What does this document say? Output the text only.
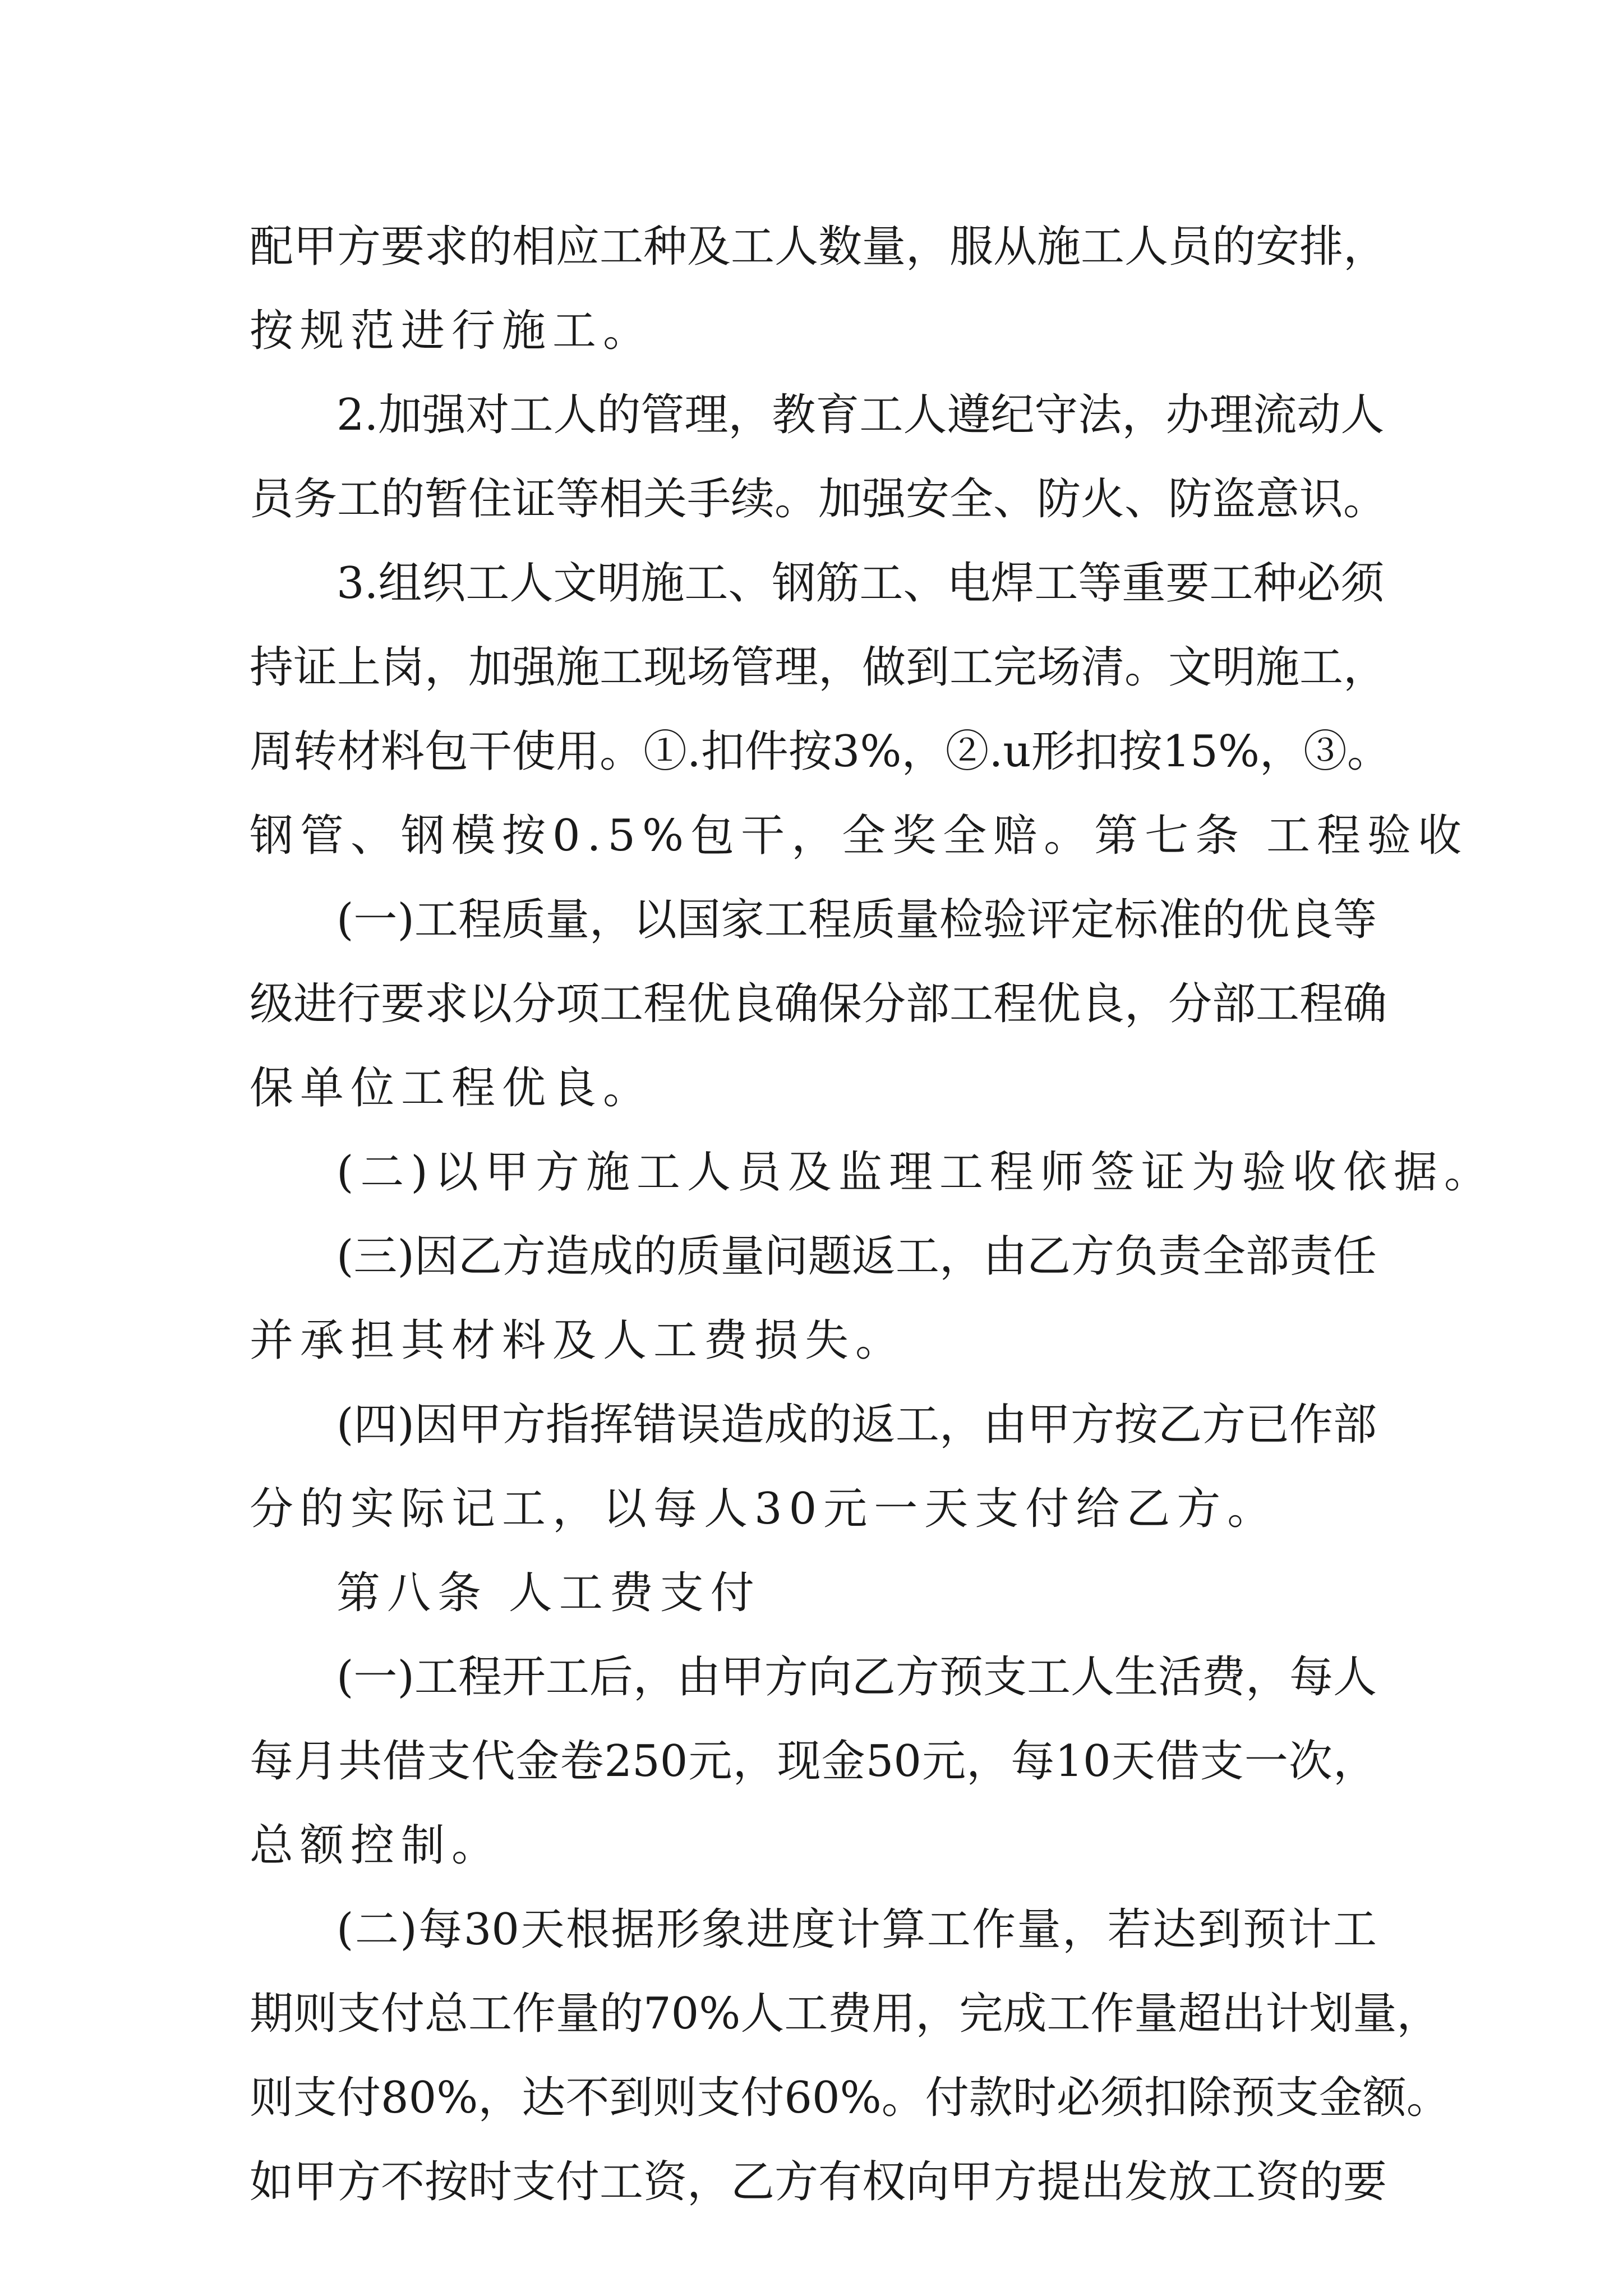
配甲方要求的相应工种及工人数量，服从施工人员的安排，
按规范进行施工。
2.加强对工人的管理，教育工人遵纪守法，办理流动人
员务工的暂住证等相关手续。加强安全、防火、防盗意识。
3.组织工人文明施工、钢筋工、电焊工等重要工种必须
持证上岗，加强施工现场管理，做到工完场清。文明施工，
周转材料包干使用。①.扣件按3%，②.u形扣按15%，③。
钢管、钢模按0.5%包干，全奖全赔。第七条 工程验收
(一)工程质量，以国家工程质量检验评定标准的优良等
级进行要求以分项工程优良确保分部工程优良，分部工程确
保单位工程优良。
(二)以甲方施工人员及监理工程师签证为验收依据。
(三)因乙方造成的质量问题返工，由乙方负责全部责任
并承担其材料及人工费损失。
(四)因甲方指挥错误造成的返工，由甲方按乙方已作部
分的实际记工，以每人30元一天支付给乙方。
第八条 人工费支付
(一)工程开工后，由甲方向乙方预支工人生活费，每人
每月共借支代金卷250元，现金50元，每10天借支一次，
总额控制。
(二)每30天根据形象进度计算工作量，若达到预计工
期则支付总工作量的70%人工费用，完成工作量超出计划量，
则支付80%，达不到则支付60%。付款时必须扣除预支金额。
如甲方不按时支付工资，乙方有权向甲方提出发放工资的要
